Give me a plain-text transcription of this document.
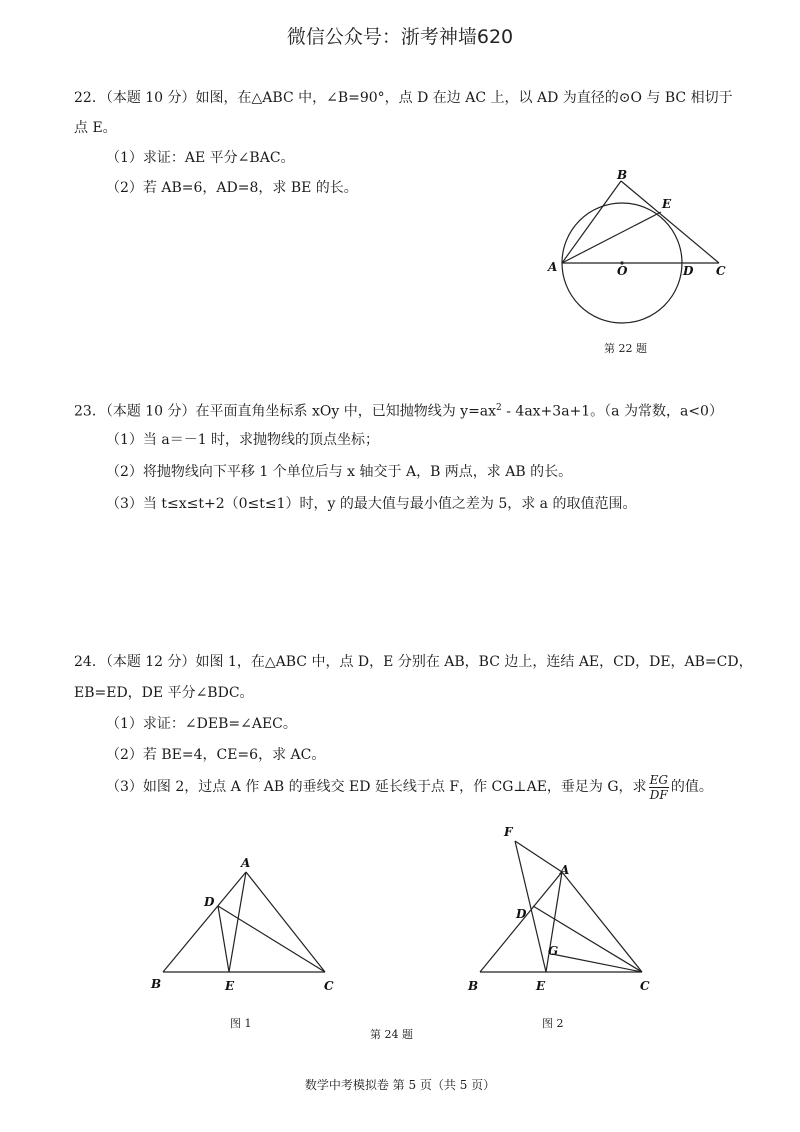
微信公众号：浙考神墙620
22．（本题 10 分）如图，在△ABC 中，∠B=90°，点 D 在边 AC 上，以 AD 为直径的⊙O 与 BC 相切于
点 E。
（1）求证：AE 平分∠BAC。
（2）若 AB=6，AD=8，求 BE 的长。
B
E
A	O	D C
第 22 题
23．（本题 10 分）在平面直角坐标系 xOy 中，已知抛物线为 $y=ax^2 - 4ax+3a+1$。（a 为常数，a<0）
（1）当 a＝－1 时，求抛物线的顶点坐标；
（2）将抛物线向下平移 1 个单位后与 x 轴交于 A，B 两点，求 AB 的长。
（3）当 t≤x≤t+2（0≤t≤1）时，y 的最大值与最小值之差为 5，求 a 的取值范围。
24．（本题 12 分）如图 1，在△ABC 中，点 D，E 分别在 AB，BC 边上，连结 AE，CD，DE，AB=CD，
EB=ED，DE 平分∠BDC。
（1）求证：∠DEB=∠AEC。
（2）若 BE=4，CE=6，求 AC。
（3）如图 2，过点 A 作 AB 的垂线交 ED 延长线于点 F，作 CG⊥AE，垂足为 G，求 $\frac{EG}{DF}$ 的值。
A
D
B	E	C
F
A
D
G
B	E	C
图 1	图 2
第 24 题
数学中考模拟卷 第 5 页（共 5 页）
